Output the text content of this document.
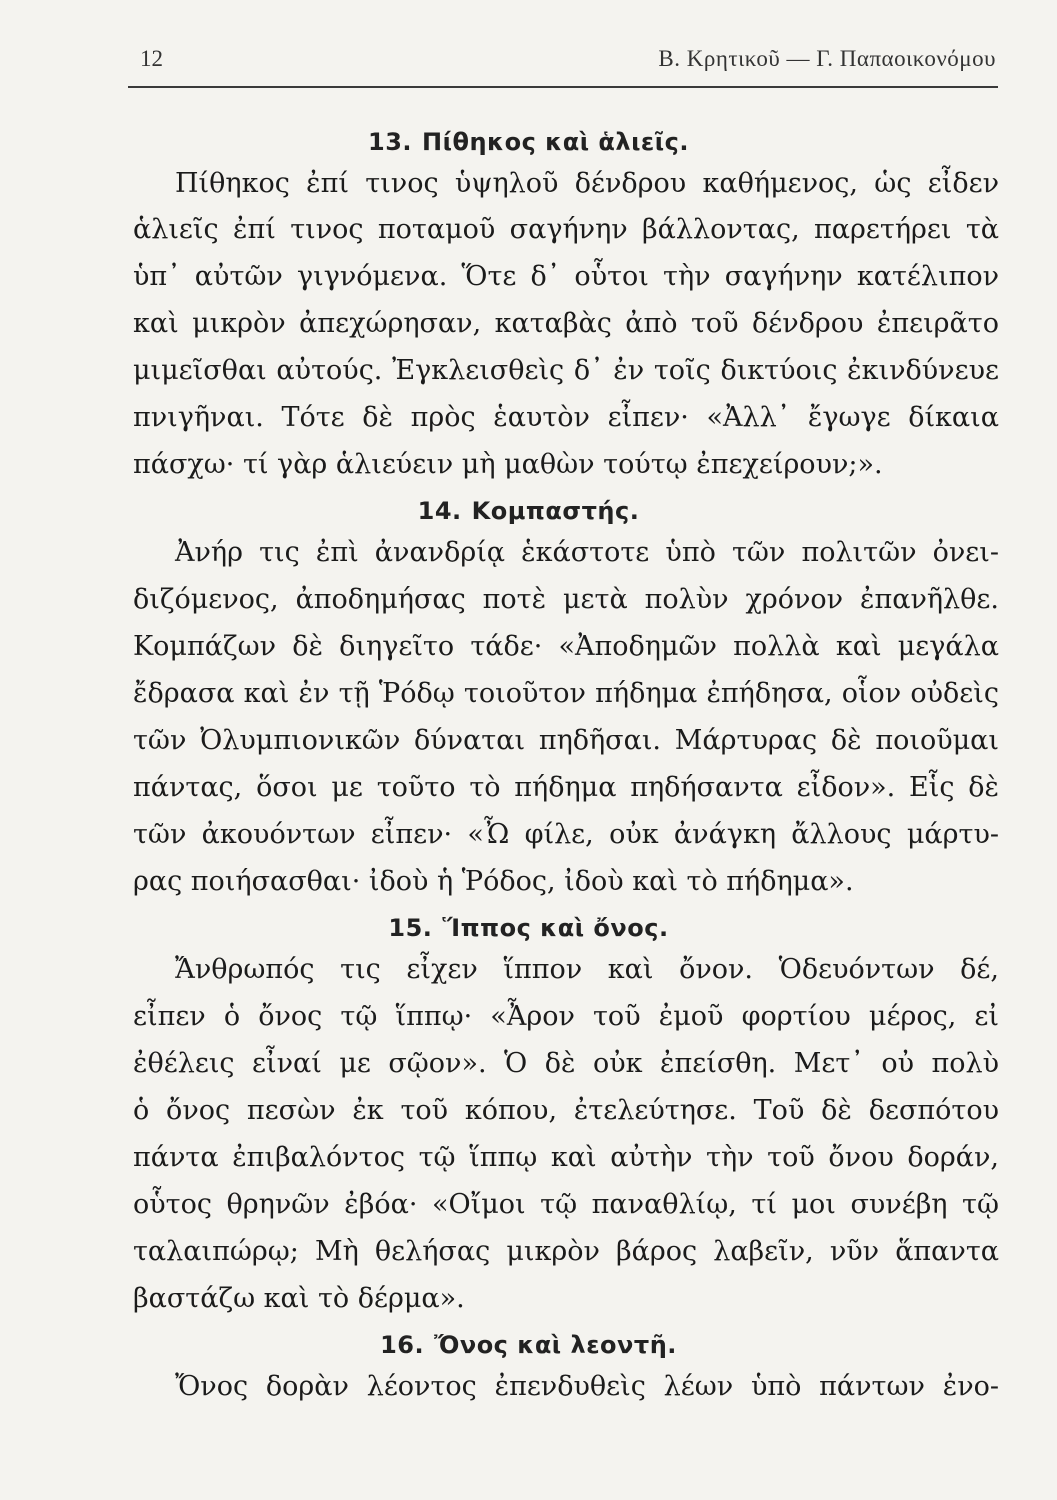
12	Β. Κρητικοῦ — Γ. Παπαοικονόμου
13. Πίθηκος καὶ ἁλιεῖς.
Πίθηκος ἐπί τινος ὑψηλοῦ δένδρου καθήμενος, ὡς εἶδεν
ἁλιεῖς ἐπί τινος ποταμοῦ σαγήνην βάλλοντας, παρετήρει τὰ
ὑπ᾽ αὐτῶν γιγνόμενα. Ὅτε δ᾽ οὗτοι τὴν σαγήνην κατέλιπον
καὶ μικρὸν ἀπεχώρησαν, καταβὰς ἀπὸ τοῦ δένδρου ἐπειρᾶτο
μιμεῖσθαι αὐτούς. Ἐγκλεισθεὶς δ᾽ ἐν τοῖς δικτύοις ἐκινδύνευε
πνιγῆναι. Τότε δὲ πρὸς ἑαυτὸν εἶπεν· «Ἀλλ᾽ ἔγωγε δίκαια
πάσχω· τί γὰρ ἁλιεύειν μὴ μαθὼν τούτῳ ἐπεχείρουν;».
14. Κομπαστής.
Ἀνήρ τις ἐπὶ ἀνανδρίᾳ ἑκάστοτε ὑπὸ τῶν πολιτῶν ὀνει-
διζόμενος, ἀποδημήσας ποτὲ μετὰ πολὺν χρόνον ἐπανῆλθε.
Κομπάζων δὲ διηγεῖτο τάδε· «Ἀποδημῶν πολλὰ καὶ μεγάλα
ἔδρασα καὶ ἐν τῇ Ῥόδῳ τοιοῦτον πήδημα ἐπήδησα, οἷον οὐδεὶς
τῶν Ὀλυμπιονικῶν δύναται πηδῆσαι. Μάρτυρας δὲ ποιοῦμαι
πάντας, ὅσοι με τοῦτο τὸ πήδημα πηδήσαντα εἶδον». Εἷς δὲ
τῶν ἀκουόντων εἶπεν· «Ὦ φίλε, οὐκ ἀνάγκη ἄλλους μάρτυ-
ρας ποιήσασθαι· ἰδοὺ ἡ Ῥόδος, ἰδοὺ καὶ τὸ πήδημα».
15. Ἵππος καὶ ὄνος.
Ἄνθρωπός τις εἶχεν ἵππον καὶ ὄνον. Ὁδευόντων δέ,
εἶπεν ὁ ὄνος τῷ ἵππῳ· «Ἆρον τοῦ ἐμοῦ φορτίου μέρος, εἰ
ἐθέλεις εἶναί με σῷον». Ὁ δὲ οὐκ ἐπείσθη. Μετ᾽ οὐ πολὺ
ὁ ὄνος πεσὼν ἐκ τοῦ κόπου, ἐτελεύτησε. Τοῦ δὲ δεσπότου
πάντα ἐπιβαλόντος τῷ ἵππῳ καὶ αὐτὴν τὴν τοῦ ὄνου δοράν,
οὗτος θρηνῶν ἐβόα· «Οἴμοι τῷ παναθλίῳ, τί μοι συνέβη τῷ
ταλαιπώρῳ; Μὴ θελήσας μικρὸν βάρος λαβεῖν, νῦν ἅπαντα
βαστάζω καὶ τὸ δέρμα».
16. Ὄνος καὶ λεοντῆ.
Ὄνος δορὰν λέοντος ἐπενδυθεὶς λέων ὑπὸ πάντων ἐνο-
